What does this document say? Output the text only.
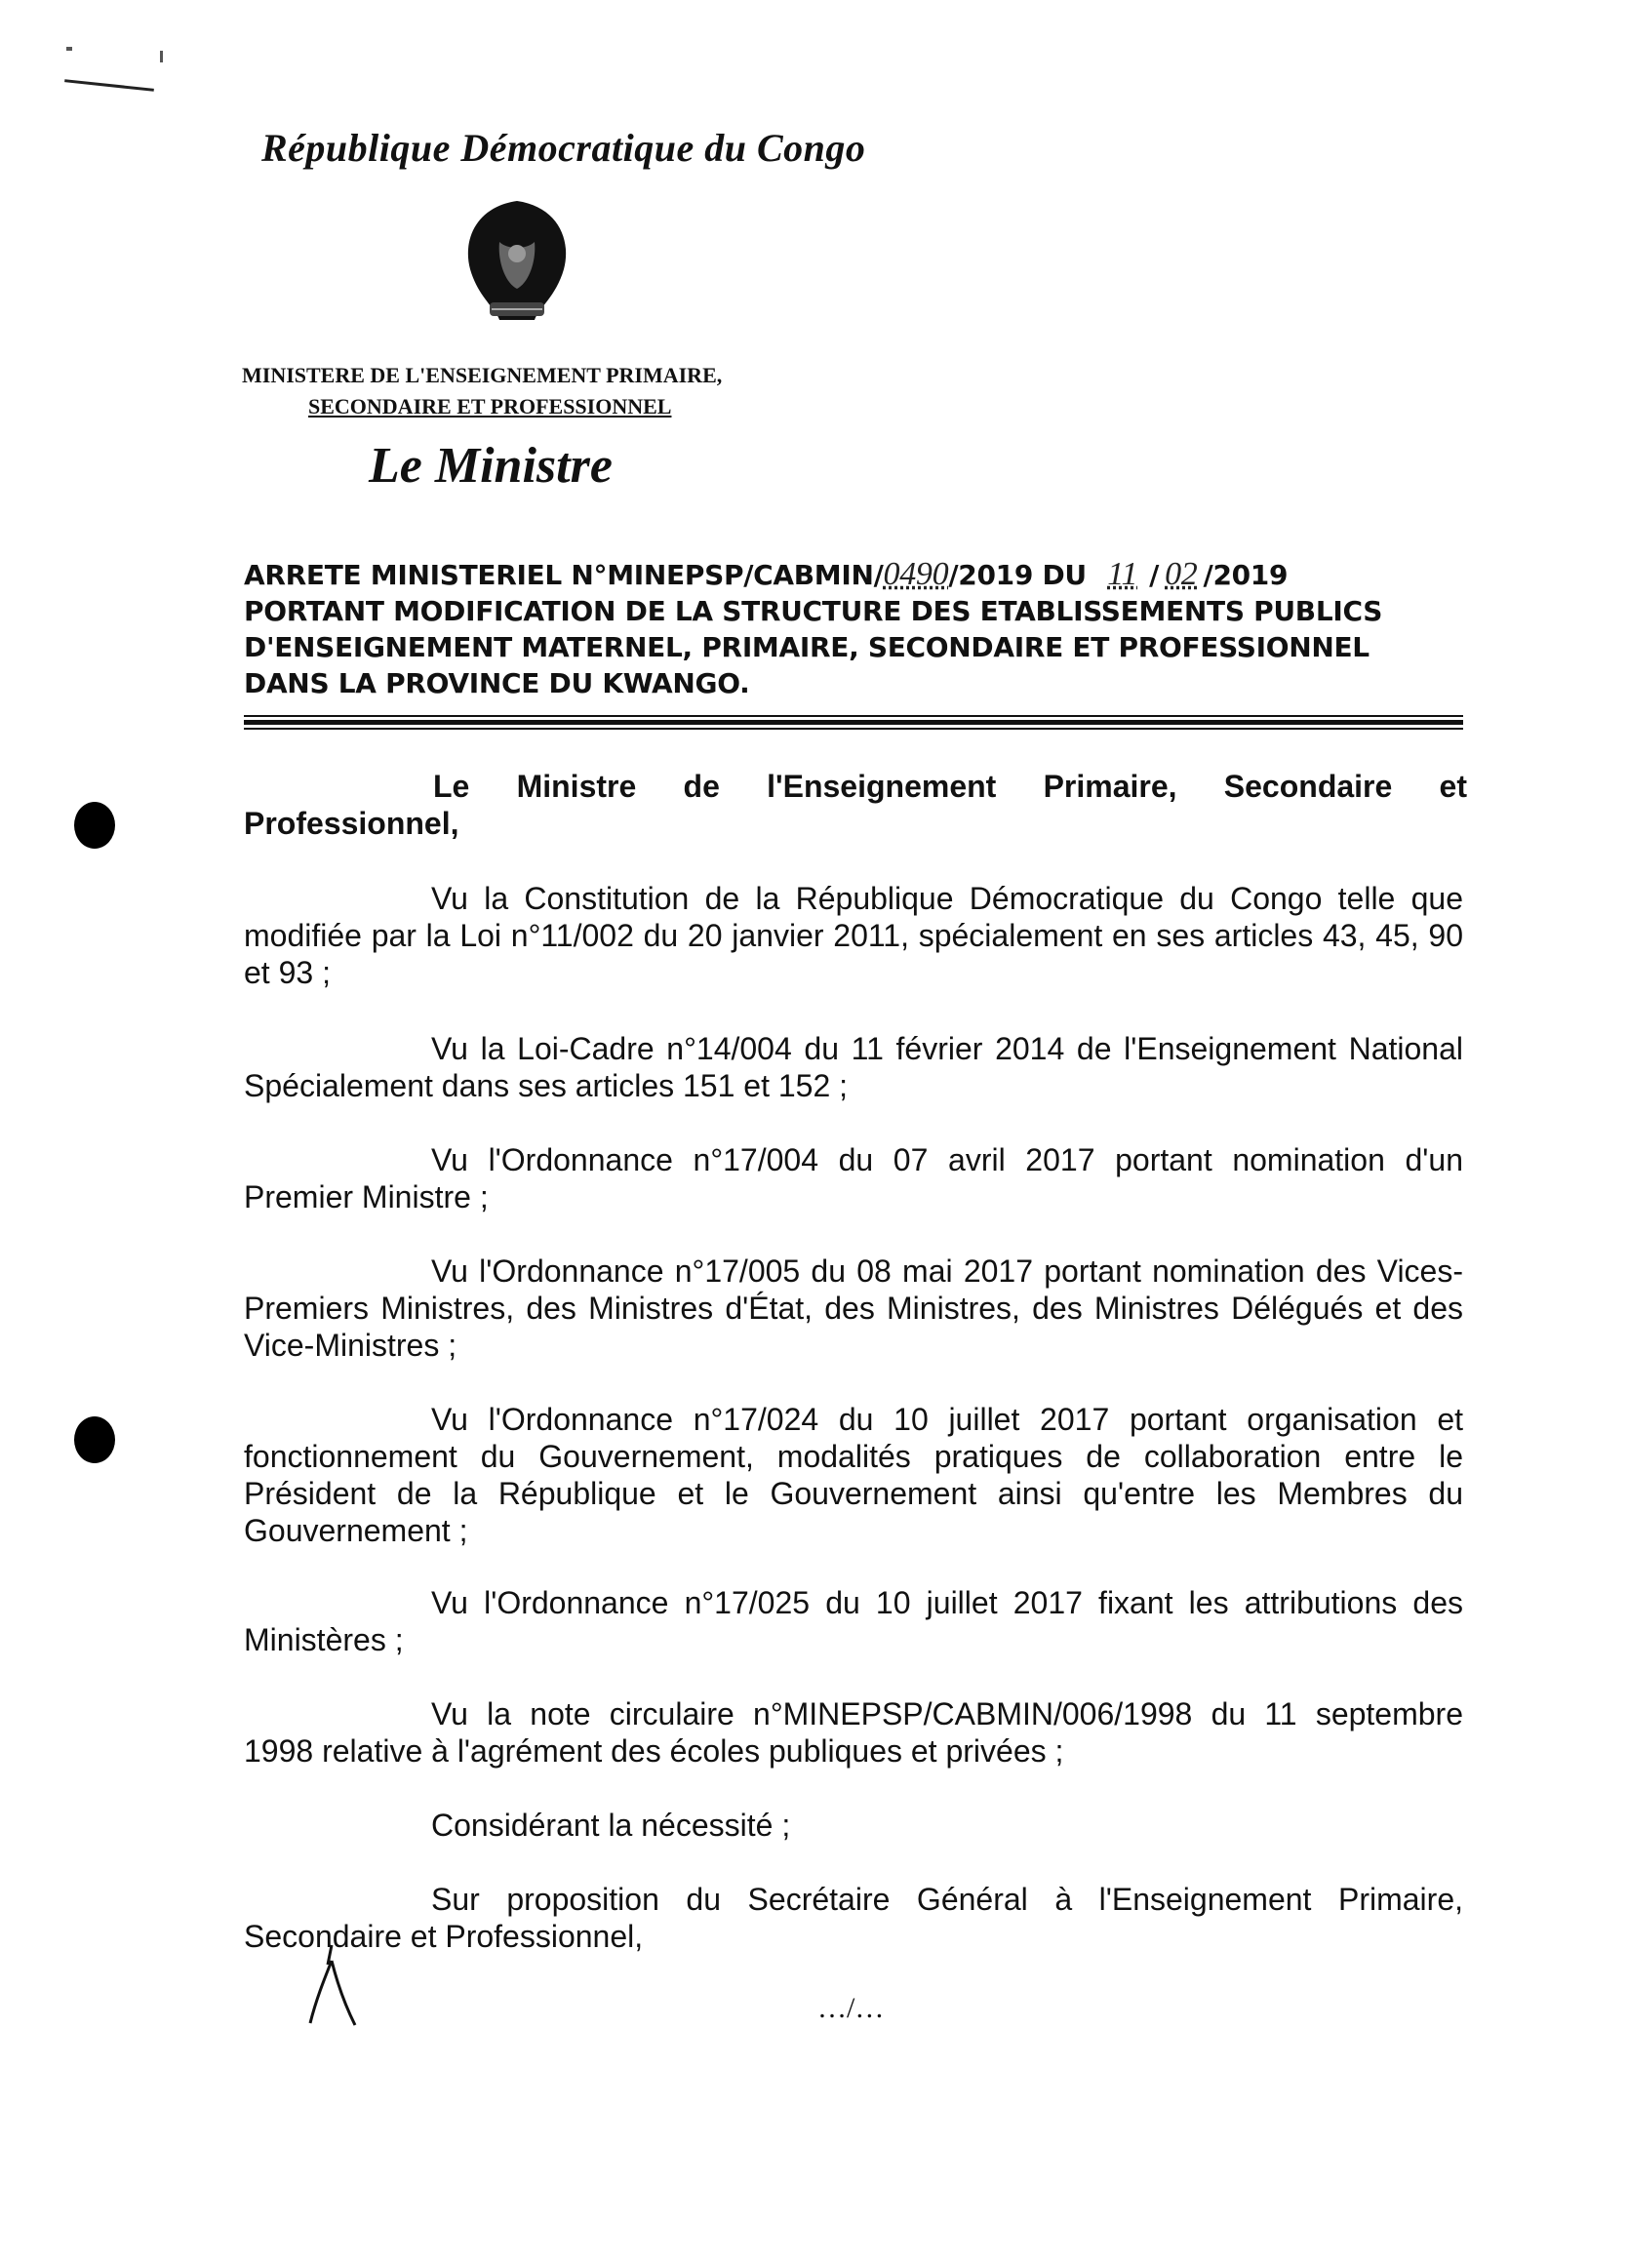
République Démocratique du Congo
MINISTERE DE L'ENSEIGNEMENT PRIMAIRE,
SECONDAIRE ET PROFESSIONNEL
Le Ministre
ARRETE MINISTERIEL N°MINEPSP/CABMIN/0490/2019 DU 11 / 02 /2019
PORTANT MODIFICATION DE LA STRUCTURE DES ETABLISSEMENTS PUBLICS
D'ENSEIGNEMENT MATERNEL, PRIMAIRE, SECONDAIRE ET PROFESSIONNEL
DANS LA PROVINCE DU KWANGO.
Le Ministre de l'Enseignement Primaire, Secondaire et
Professionnel,
Vu la Constitution de la République Démocratique du Congo telle que modifiée par la Loi n°11/002 du 20 janvier 2011, spécialement en ses articles 43, 45, 90 et 93 ;
Vu la Loi-Cadre n°14/004 du 11 février 2014 de l'Enseignement National Spécialement dans ses articles 151 et 152 ;
Vu l'Ordonnance n°17/004 du 07 avril 2017 portant nomination d'un Premier Ministre ;
Vu l'Ordonnance n°17/005 du 08 mai 2017 portant nomination des Vices-Premiers Ministres, des Ministres d'État, des Ministres, des Ministres Délégués et des Vice-Ministres ;
Vu l'Ordonnance n°17/024 du 10 juillet 2017 portant organisation et fonctionnement du Gouvernement, modalités pratiques de collaboration entre le Président de la République et le Gouvernement ainsi qu'entre les Membres du Gouvernement ;
Vu l'Ordonnance n°17/025 du 10 juillet 2017 fixant les attributions des Ministères ;
Vu la note circulaire n°MINEPSP/CABMIN/006/1998 du 11 septembre 1998 relative à l'agrément des écoles publiques et privées ;
Considérant la nécessité ;
Sur proposition du Secrétaire Général à l'Enseignement Primaire, Secondaire et Professionnel,
…/…
